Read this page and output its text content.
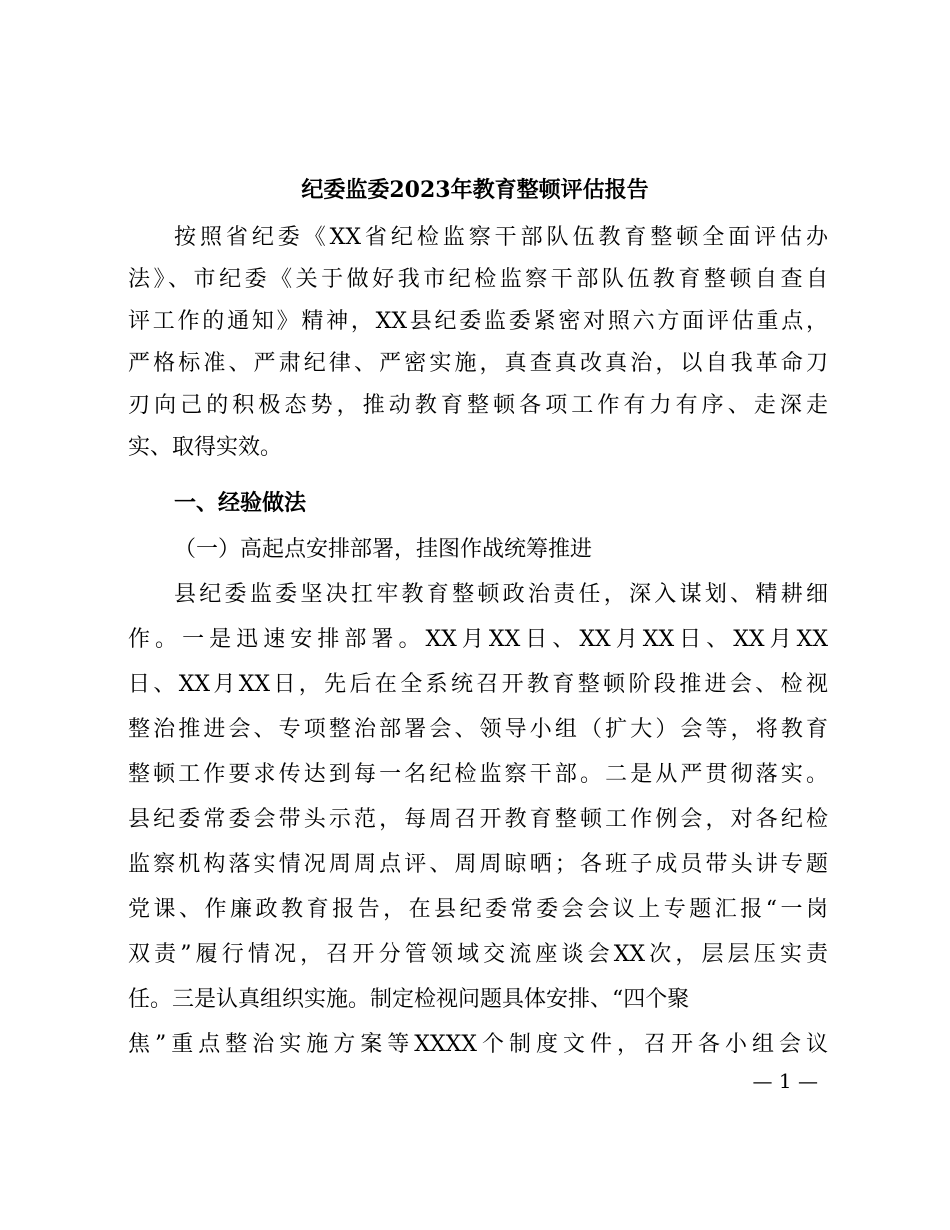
纪委监委2023年教育整顿评估报告
按照省纪委《XX省纪检监察干部队伍教育整顿全面评估办
法》、市纪委《关于做好我市纪检监察干部队伍教育整顿自查自
评工作的通知》精神，XX县纪委监委紧密对照六方面评估重点，
严格标准、严肃纪律、严密实施，真查真改真治，以自我革命刀
刃向己的积极态势，推动教育整顿各项工作有力有序、走深走
实、取得实效。
一、经验做法
（一）高起点安排部署，挂图作战统筹推进
县纪委监委坚决扛牢教育整顿政治责任，深入谋划、精耕细
作。一是迅速安排部署。XX月XX日、XX月XX日、XX月XX
日、XX月XX日，先后在全系统召开教育整顿阶段推进会、检视
整治推进会、专项整治部署会、领导小组（扩大）会等，将教育
整顿工作要求传达到每一名纪检监察干部。二是从严贯彻落实。
县纪委常委会带头示范，每周召开教育整顿工作例会，对各纪检
监察机构落实情况周周点评、周周晾晒；各班子成员带头讲专题
党课、作廉政教育报告，在县纪委常委会会议上专题汇报“一岗
双责”履行情况，召开分管领域交流座谈会XX次，层层压实责
任。三是认真组织实施。制定检视问题具体安排、“四个聚
焦”重点整治实施方案等XXXX个制度文件，召开各小组会议
— 1 —
